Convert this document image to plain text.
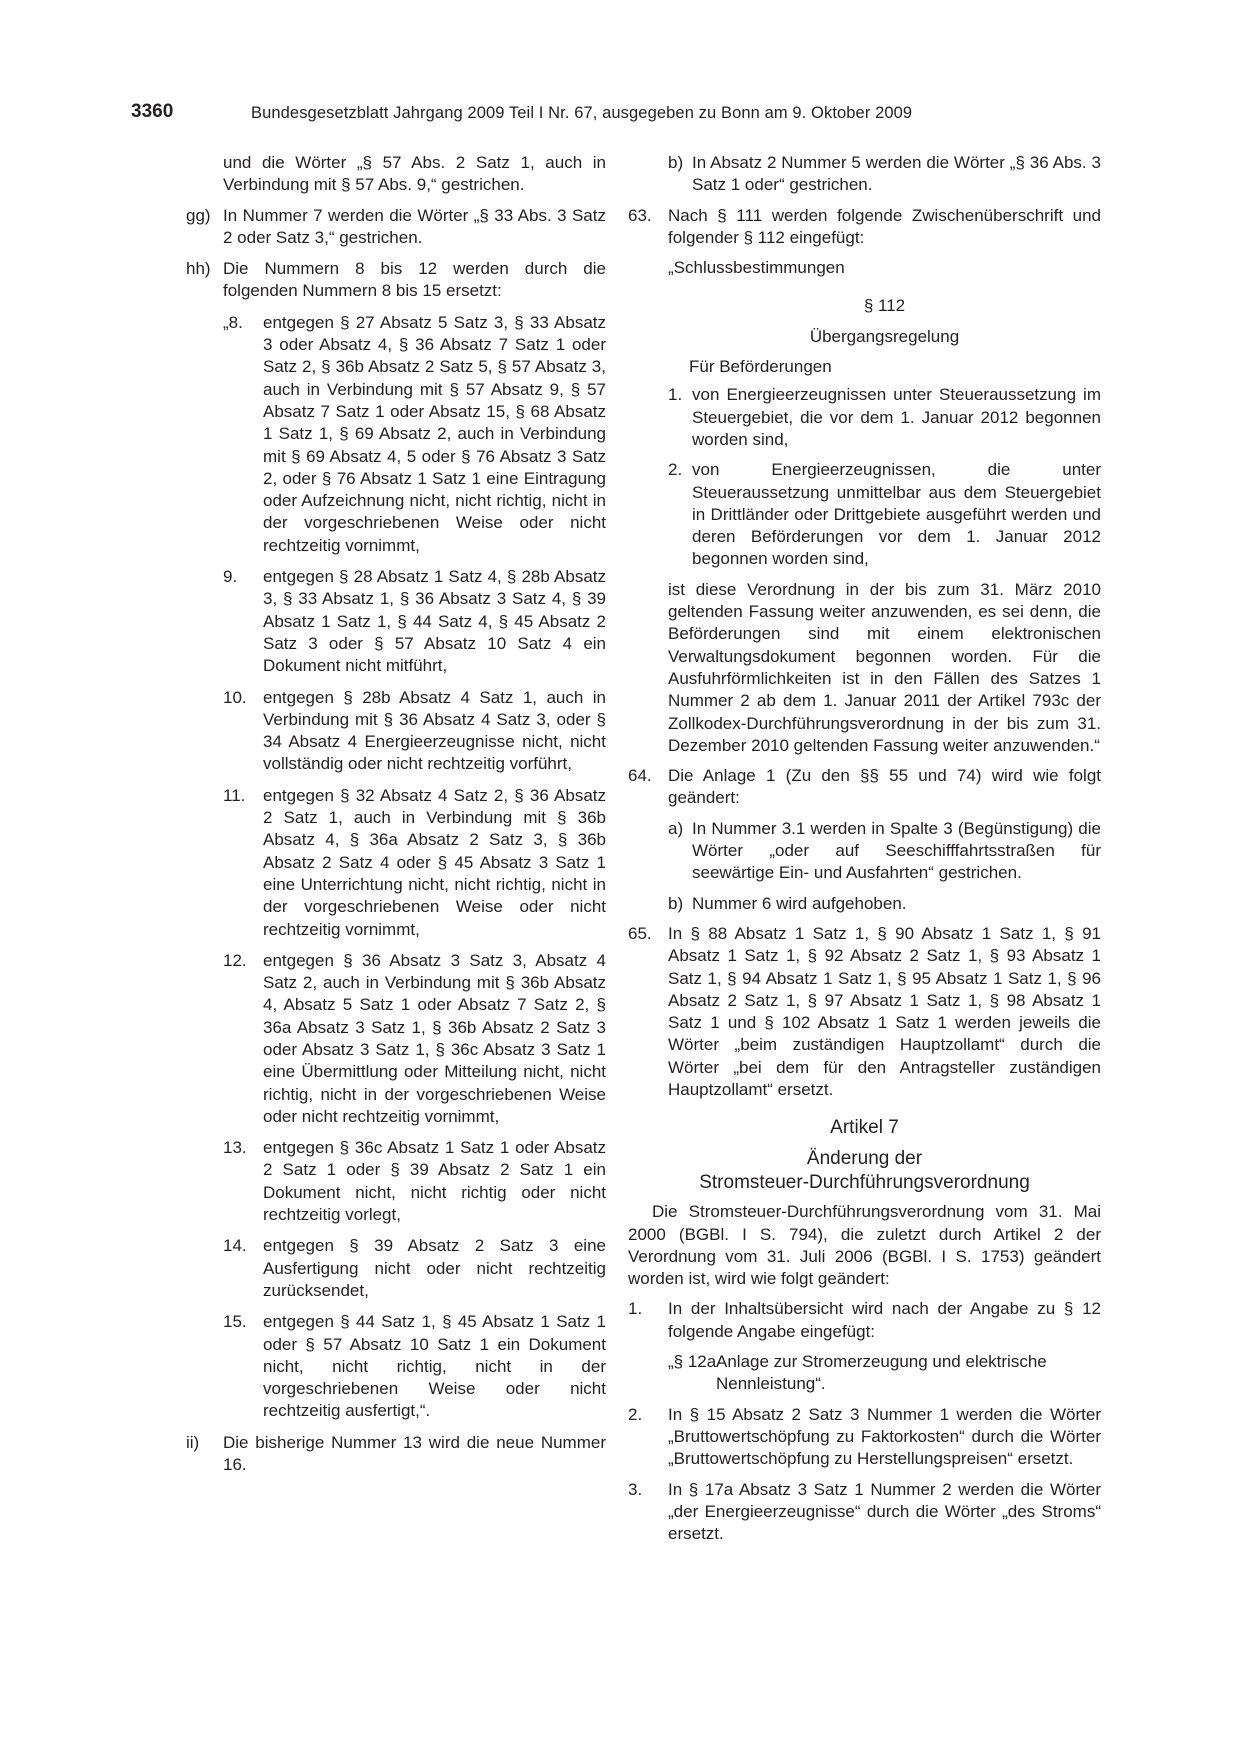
3360	Bundesgesetzblatt Jahrgang 2009 Teil I Nr. 67, ausgegeben zu Bonn am 9. Oktober 2009

und die Wörter „§ 57 Abs. 2 Satz 1, auch in Verbindung mit § 57 Abs. 9,“ gestrichen.

gg) In Nummer 7 werden die Wörter „§ 33 Abs. 3 Satz 2 oder Satz 3,“ gestrichen.

hh) Die Nummern 8 bis 12 werden durch die folgenden Nummern 8 bis 15 ersetzt:

„8. entgegen § 27 Absatz 5 Satz 3, § 33 Absatz 3 oder Absatz 4, § 36 Absatz 7 Satz 1 oder Satz 2, § 36b Absatz 2 Satz 5, § 57 Absatz 3, auch in Verbindung mit § 57 Absatz 9, § 57 Absatz 7 Satz 1 oder Absatz 15, § 68 Absatz 1 Satz 1, § 69 Absatz 2, auch in Verbindung mit § 69 Absatz 4, 5 oder § 76 Absatz 3 Satz 2, oder § 76 Absatz 1 Satz 1 eine Eintragung oder Aufzeichnung nicht, nicht richtig, nicht in der vorgeschriebenen Weise oder nicht rechtzeitig vornimmt,

9. entgegen § 28 Absatz 1 Satz 4, § 28b Absatz 3, § 33 Absatz 1, § 36 Absatz 3 Satz 4, § 39 Absatz 1 Satz 1, § 44 Satz 4, § 45 Absatz 2 Satz 3 oder § 57 Absatz 10 Satz 4 ein Dokument nicht mitführt,

10. entgegen § 28b Absatz 4 Satz 1, auch in Verbindung mit § 36 Absatz 4 Satz 3, oder § 34 Absatz 4 Energieerzeugnisse nicht, nicht vollständig oder nicht rechtzeitig vorführt,

11. entgegen § 32 Absatz 4 Satz 2, § 36 Absatz 2 Satz 1, auch in Verbindung mit § 36b Absatz 4, § 36a Absatz 2 Satz 3, § 36b Absatz 2 Satz 4 oder § 45 Absatz 3 Satz 1 eine Unterrichtung nicht, nicht richtig, nicht in der vorgeschriebenen Weise oder nicht rechtzeitig vornimmt,

12. entgegen § 36 Absatz 3 Satz 3, Absatz 4 Satz 2, auch in Verbindung mit § 36b Absatz 4, Absatz 5 Satz 1 oder Absatz 7 Satz 2, § 36a Absatz 3 Satz 1, § 36b Absatz 2 Satz 3 oder Absatz 3 Satz 1, § 36c Absatz 3 Satz 1 eine Übermittlung oder Mitteilung nicht, nicht richtig, nicht in der vorgeschriebenen Weise oder nicht rechtzeitig vornimmt,

13. entgegen § 36c Absatz 1 Satz 1 oder Absatz 2 Satz 1 oder § 39 Absatz 2 Satz 1 ein Dokument nicht, nicht richtig oder nicht rechtzeitig vorlegt,

14. entgegen § 39 Absatz 2 Satz 3 eine Ausfertigung nicht oder nicht rechtzeitig zurücksendet,

15. entgegen § 44 Satz 1, § 45 Absatz 1 Satz 1 oder § 57 Absatz 10 Satz 1 ein Dokument nicht, nicht richtig, nicht in der vorgeschriebenen Weise oder nicht rechtzeitig ausfertigt,“.

ii) Die bisherige Nummer 13 wird die neue Nummer 16.

b) In Absatz 2 Nummer 5 werden die Wörter „§ 36 Abs. 3 Satz 1 oder“ gestrichen.

63. Nach § 111 werden folgende Zwischenüberschrift und folgender § 112 eingefügt:

„Schlussbestimmungen

§ 112

Übergangsregelung

Für Beförderungen

1. von Energieerzeugnissen unter Steueraussetzung im Steuergebiet, die vor dem 1. Januar 2012 begonnen worden sind,

2. von Energieerzeugnissen, die unter Steueraussetzung unmittelbar aus dem Steuergebiet in Drittländer oder Drittgebiete ausgeführt werden und deren Beförderungen vor dem 1. Januar 2012 begonnen worden sind,

ist diese Verordnung in der bis zum 31. März 2010 geltenden Fassung weiter anzuwenden, es sei denn, die Beförderungen sind mit einem elektronischen Verwaltungsdokument begonnen worden. Für die Ausfuhrförmlichkeiten ist in den Fällen des Satzes 1 Nummer 2 ab dem 1. Januar 2011 der Artikel 793c der Zollkodex-Durchführungsverordnung in der bis zum 31. Dezember 2010 geltenden Fassung weiter anzuwenden.“

64. Die Anlage 1 (Zu den §§ 55 und 74) wird wie folgt geändert:

a) In Nummer 3.1 werden in Spalte 3 (Begünstigung) die Wörter „oder auf Seeschifffahrtsstraßen für seewärtige Ein- und Ausfahrten“ gestrichen.

b) Nummer 6 wird aufgehoben.

65. In § 88 Absatz 1 Satz 1, § 90 Absatz 1 Satz 1, § 91 Absatz 1 Satz 1, § 92 Absatz 2 Satz 1, § 93 Absatz 1 Satz 1, § 94 Absatz 1 Satz 1, § 95 Absatz 1 Satz 1, § 96 Absatz 2 Satz 1, § 97 Absatz 1 Satz 1, § 98 Absatz 1 Satz 1 und § 102 Absatz 1 Satz 1 werden jeweils die Wörter „beim zuständigen Hauptzollamt“ durch die Wörter „bei dem für den Antragsteller zuständigen Hauptzollamt“ ersetzt.

Artikel 7

Änderung der

Stromsteuer-Durchführungsverordnung

Die Stromsteuer-Durchführungsverordnung vom 31. Mai 2000 (BGBl. I S. 794), die zuletzt durch Artikel 2 der Verordnung vom 31. Juli 2006 (BGBl. I S. 1753) geändert worden ist, wird wie folgt geändert:

1. In der Inhaltsübersicht wird nach der Angabe zu § 12 folgende Angabe eingefügt:

„§ 12a Anlage zur Stromerzeugung und elektrische Nennleistung“.

2. In § 15 Absatz 2 Satz 3 Nummer 1 werden die Wörter „Bruttowertschöpfung zu Faktorkosten“ durch die Wörter „Bruttowertschöpfung zu Herstellungspreisen“ ersetzt.

3. In § 17a Absatz 3 Satz 1 Nummer 2 werden die Wörter „der Energieerzeugnisse“ durch die Wörter „des Stroms“ ersetzt.
